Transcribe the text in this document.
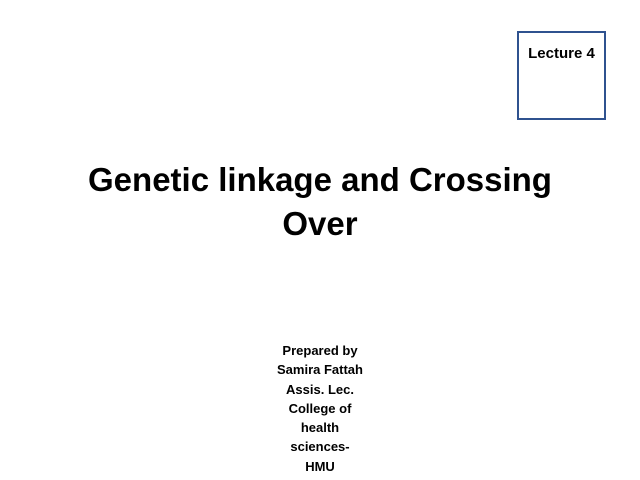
Lecture 4
Genetic linkage and Crossing
Over
Prepared by
Samira Fattah
Assis. Lec.
College of
health
sciences-
HMU
